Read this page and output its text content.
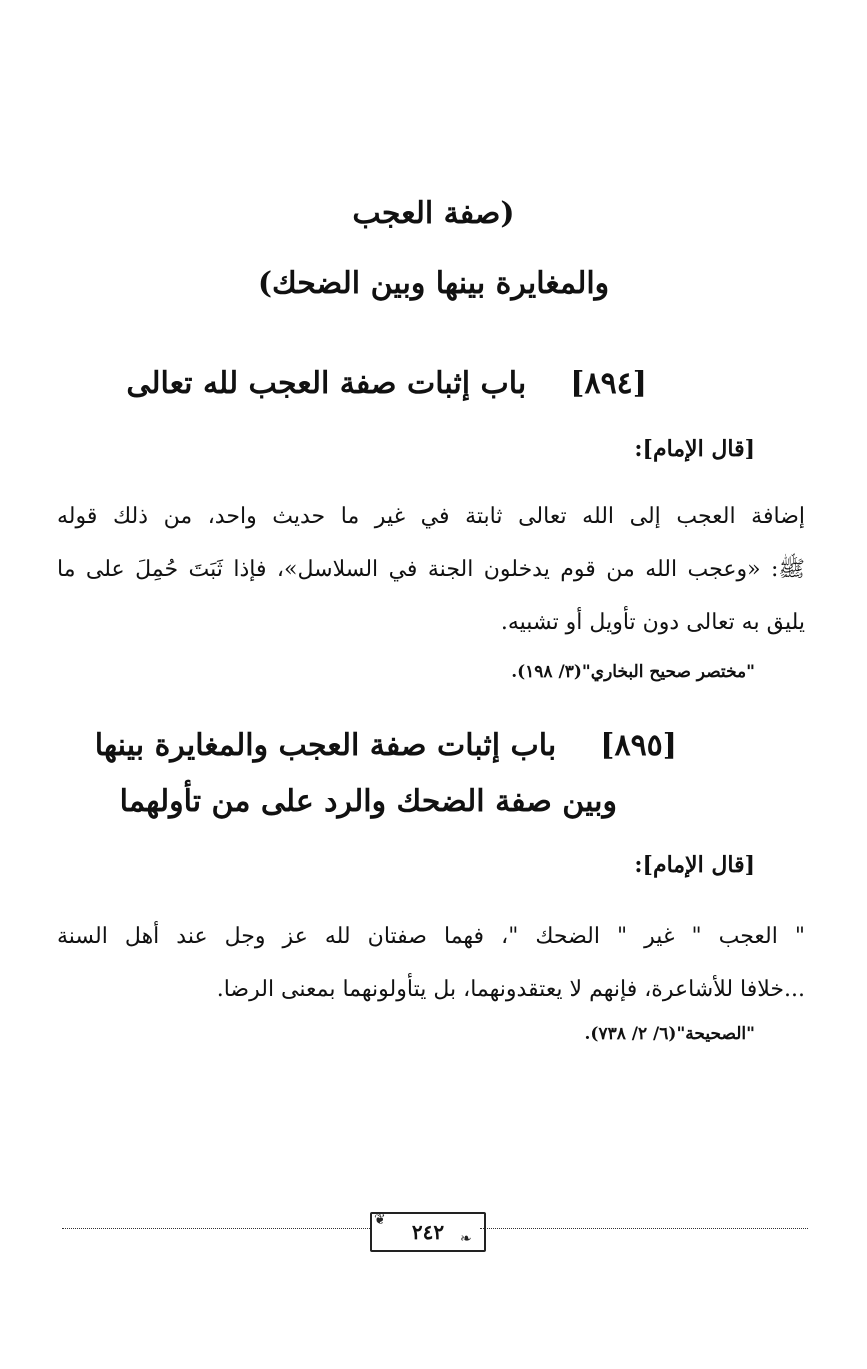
(صفة العجب
والمغايرة بينها وبين الضحك)
[٨٩٤]باب إثبات صفة العجب لله تعالى
[قال الإمام]:
إضافة العجب إلى الله تعالى ثابتة في غير ما حديث واحد، من ذلك قوله
ﷺ: «وعجب الله من قوم يدخلون الجنة في السلاسل»، فإذا ثَبَتَ حُمِلَ على ما
يليق به تعالى دون تأويل أو تشبيه.
"مختصر صحيح البخاري"(٣/ ١٩٨).
[٨٩٥]باب إثبات صفة العجب والمغايرة بينها
وبين صفة الضحك والرد على من تأولهما
[قال الإمام]:
" العجب " غير " الضحك "، فهما صفتان لله عز وجل عند أهل السنة
...خلافا للأشاعرة، فإنهم لا يعتقدونهما، بل يتأولونهما بمعنى الرضا.
"الصحيحة"(٦/ ٢/ ٧٣٨).
٢٤٢
❦
❧
